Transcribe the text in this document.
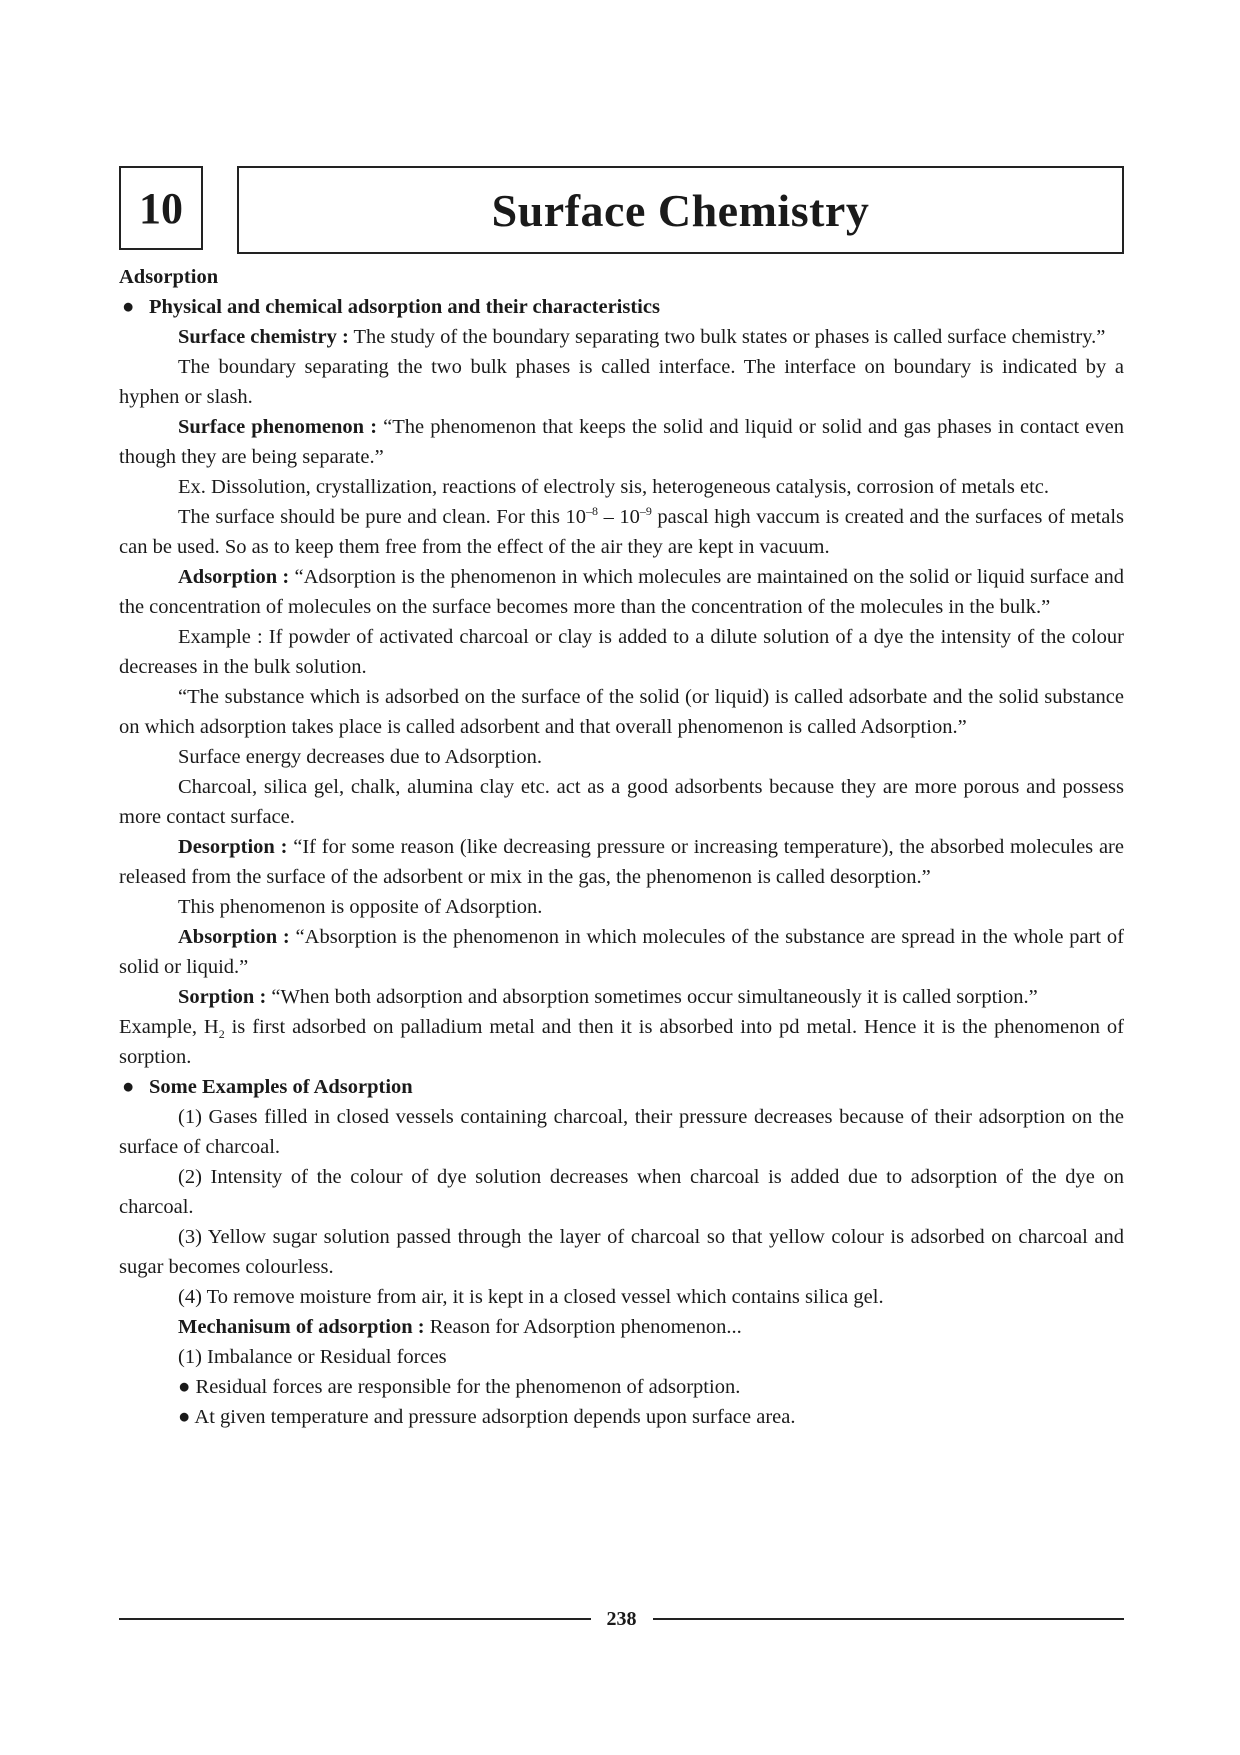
10	Surface Chemistry

Adsorption

● Physical and chemical adsorption and their characteristics

Surface chemistry : The study of the boundary separating two bulk states or phases is called surface chemistry.”

The boundary separating the two bulk phases is called interface. The interface on boundary is indicated by a hyphen or slash.

Surface phenomenon : “The phenomenon that keeps the solid and liquid or solid and gas phases in contact even though they are being separate.”

Ex. Dissolution, crystallization, reactions of electroly sis, heterogeneous catalysis, corrosion of metals etc.

The surface should be pure and clean. For this $10^{-8} - 10^{-9}$ pascal high vaccum is created and the surfaces of metals can be used. So as to keep them free from the effect of the air they are kept in vacuum.

Adsorption : “Adsorption is the phenomenon in which molecules are maintained on the solid or liquid surface and the concentration of molecules on the surface becomes more than the concentration of the molecules in the bulk.”

Example : If powder of activated charcoal or clay is added to a dilute solution of a dye the intensity of the colour decreases in the bulk solution.

“The substance which is adsorbed on the surface of the solid (or liquid) is called adsorbate and the solid substance on which adsorption takes place is called adsorbent and that overall phenomenon is called Adsorption.”

Surface energy decreases due to Adsorption.

Charcoal, silica gel, chalk, alumina clay etc. act as a good adsorbents because they are more porous and possess more contact surface.

Desorption : “If for some reason (like decreasing pressure or increasing temperature), the absorbed molecules are released from the surface of the adsorbent or mix in the gas, the phenomenon is called desorption.”

This phenomenon is opposite of Adsorption.

Absorption : “Absorption is the phenomenon in which molecules of the substance are spread in the whole part of solid or liquid.”

Sorption : “When both adsorption and absorption sometimes occur simultaneously it is called sorption.”

Example, $H_2$ is first adsorbed on palladium metal and then it is absorbed into pd metal. Hence it is the phenomenon of sorption.

● Some Examples of Adsorption

(1) Gases filled in closed vessels containing charcoal, their pressure decreases because of their adsorption on the surface of charcoal.

(2) Intensity of the colour of dye solution decreases when charcoal is added due to adsorption of the dye on charcoal.

(3) Yellow sugar solution passed through the layer of charcoal so that yellow colour is adsorbed on charcoal and sugar becomes colourless.

(4) To remove moisture from air, it is kept in a closed vessel which contains silica gel.

Mechanisum of adsorption : Reason for Adsorption phenomenon...

(1) Imbalance or Residual forces

● Residual forces are responsible for the phenomenon of adsorption.

● At given temperature and pressure adsorption depends upon surface area.

238
